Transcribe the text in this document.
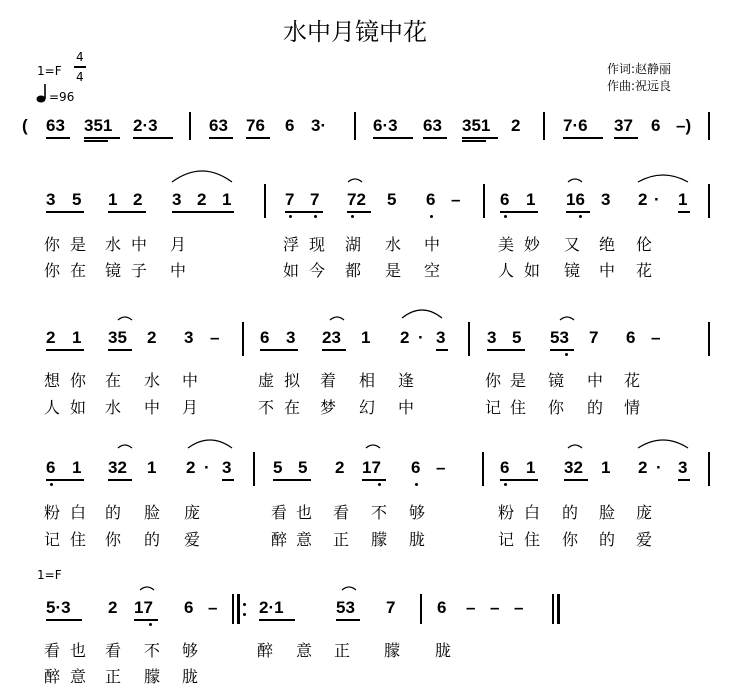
水中月镜中花
作词:赵静丽
作曲:祝远良
1=F
4
4
=96
( 63 351 2·3	63 76 6 3·	6·3 63 351 2	7·6 37 6 –)
3 5 1 2 3 2 1	7 7 72 5 6 – 6 1 16 3 2 · 1
你 是 水 中 月	浮 现 湖 水 中	美 妙 又 绝 伦
你 在 镜 子 中	如 今 都 是 空	人 如 镜 中 花
2 1 35 2 3 – 6 3 23 1 2 · 3 3 5 53 7 6 –
想 你 在 水 中	虚 拟 着 相 逢	你 是 镜 中 花
人 如 水 中 月	不 在 梦 幻 中	记 住 你 的 情
6 1 32 1 2 · 3 5 5 2 17 6 –	6 1 32 1 2 · 3
粉 白 的 脸 庞	看 也 看 不 够	粉 白 的 脸 庞
记 住 你 的 爱	醉 意 正 朦 胧	记 住 你 的 爱
1=F
5·3 2 17 6 – 2·1	53 7 6 – – –
看 也 看 不 够	醉 意 正 朦 胧
醉 意 正 朦 胧
